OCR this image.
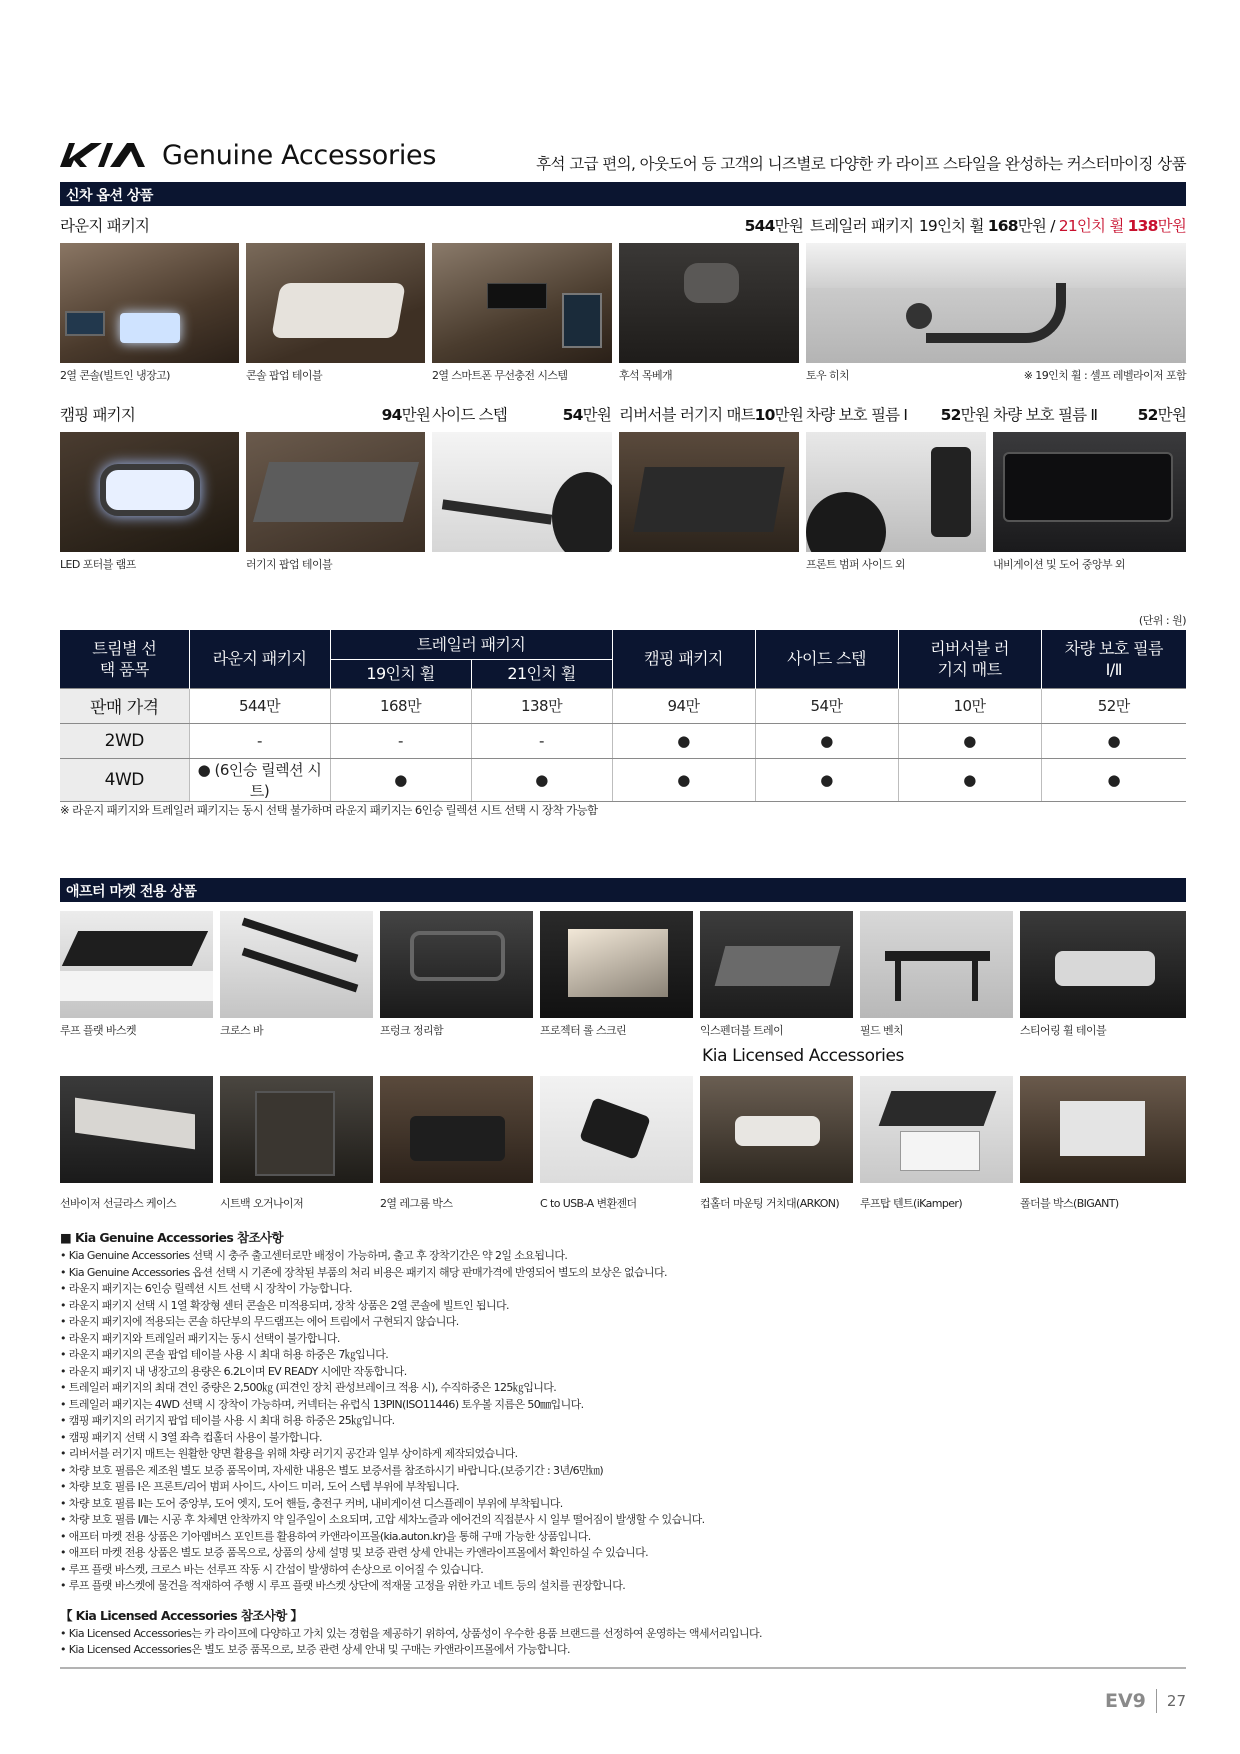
Genuine Accessories	후석 고급 편의, 아웃도어 등 고객의 니즈별로 다양한 카 라이프 스타일을 완성하는 커스터마이징 상품
신차 옵션 상품
라운지 패키지	544만원 트레일러 패키지 19인치 휠 168만원 / 21인치 휠 138만원
2열 콘솔(빌트인 냉장고)	콘솔 팝업 테이블	2열 스마트폰 무선충전 시스템	후석 목베개	토우 히치	※ 19인치 휠 : 셀프 레벨라이저 포함
캠핑 패키지	94만원 사이드 스텝	54만원 리버서블 러기지 매트 10만원 차량 보호 필름 Ⅰ 52만원 차량 보호 필름 Ⅱ	52만원
LED 포터블 램프	러기지 팝업 테이블	프론트 범퍼 사이드 외	내비게이션 및 도어 중앙부 외
(단위 : 원)
트림별 선택 품목	라운지 패키지	트레일러 패키지		캠핑 패키지	사이드 스텝	리버서블 러기지 매트	차량 보호 필름 Ⅰ/Ⅱ
		19인치 휠	21인치 휠				
판매 가격	544만	168만	138만	94만	54만	10만	52만
2WD	-	-	-	●	●	●	●
4WD	● (6인승 릴렉션 시트)	●	●	●	●	●	●
※ 라운지 패키지와 트레일러 패키지는 동시 선택 불가하며 라운지 패키지는 6인승 릴렉션 시트 선택 시 장착 가능함
애프터 마켓 전용 상품
루프 플랫 바스켓	크로스 바	프렁크 정리함	프로젝터 롤 스크린	익스펜더블 트레이	필드 벤치	스티어링 휠 테이블
Kia Licensed Accessories
선바이저 선글라스 케이스	시트백 오거나이저	2열 레그룸 박스	C to USB-A 변환젠더	컵홀더 마운팅 거치대(ARKON) 루프탑 텐트(iKamper)	폴더블 박스(BIGANT)
■ Kia Genuine Accessories 참조사항
• Kia Genuine Accessories 선택 시 충주 출고센터로만 배정이 가능하며, 출고 후 장착기간은 약 2일 소요됩니다.
• Kia Genuine Accessories 옵션 선택 시 기존에 장착된 부품의 처리 비용은 패키지 해당 판매가격에 반영되어 별도의 보상은 없습니다.
• 라운지 패키지는 6인승 릴렉션 시트 선택 시 장착이 가능합니다.
• 라운지 패키지 선택 시 1열 확장형 센터 콘솔은 미적용되며, 장착 상품은 2열 콘솔에 빌트인 됩니다.
• 라운지 패키지에 적용되는 콘솔 하단부의 무드램프는 에어 트림에서 구현되지 않습니다.
• 라운지 패키지와 트레일러 패키지는 동시 선택이 불가합니다.
• 라운지 패키지의 콘솔 팝업 테이블 사용 시 최대 허용 하중은 7㎏입니다.
• 라운지 패키지 내 냉장고의 용량은 6.2L이며 EV READY 시에만 작동합니다.
• 트레일러 패키지의 최대 견인 중량은 2,500㎏ (피견인 장치 관성브레이크 적용 시), 수직하중은 125㎏입니다.
• 트레일러 패키지는 4WD 선택 시 장착이 가능하며, 커넥터는 유럽식 13PIN(ISO11446) 토우볼 지름은 50㎜입니다.
• 캠핑 패키지의 러기지 팝업 테이블 사용 시 최대 허용 하중은 25㎏입니다.
• 캠핑 패키지 선택 시 3열 좌측 컵홀더 사용이 불가합니다.
• 리버서블 러기지 매트는 원활한 양면 활용을 위해 차량 러기지 공간과 일부 상이하게 제작되었습니다.
• 차량 보호 필름은 제조원 별도 보증 품목이며, 자세한 내용은 별도 보증서를 참조하시기 바랍니다.(보증기간 : 3년/6만㎞)
• 차량 보호 필름 Ⅰ은 프론트/리어 범퍼 사이드, 사이드 미러, 도어 스텝 부위에 부착됩니다.
• 차량 보호 필름 Ⅱ는 도어 중앙부, 도어 엣지, 도어 핸들, 충전구 커버, 내비게이션 디스플레이 부위에 부착됩니다.
• 차량 보호 필름 Ⅰ/Ⅱ는 시공 후 차체면 안착까지 약 일주일이 소요되며, 고압 세차노즐과 에어건의 직접분사 시 일부 떨어짐이 발생할 수 있습니다.
• 애프터 마켓 전용 상품은 기아멤버스 포인트를 활용하여 카앤라이프몰(kia.auton.kr)을 통해 구매 가능한 상품입니다.
• 애프터 마켓 전용 상품은 별도 보증 품목으로, 상품의 상세 설명 및 보증 관련 상세 안내는 카앤라이프몰에서 확인하실 수 있습니다.
• 루프 플랫 바스켓, 크로스 바는 선루프 작동 시 간섭이 발생하여 손상으로 이어질 수 있습니다.
• 루프 플랫 바스켓에 물건을 적재하여 주행 시 루프 플랫 바스켓 상단에 적재물 고정을 위한 카고 네트 등의 설치를 권장합니다.
【 Kia Licensed Accessories 참조사항 】
• Kia Licensed Accessories는 카 라이프에 다양하고 가치 있는 경험을 제공하기 위하여, 상품성이 우수한 용품 브랜드를 선정하여 운영하는 액세서리입니다.
• Kia Licensed Accessories은 별도 보증 품목으로, 보증 관련 상세 안내 및 구매는 카앤라이프몰에서 가능합니다.
EV9	27
